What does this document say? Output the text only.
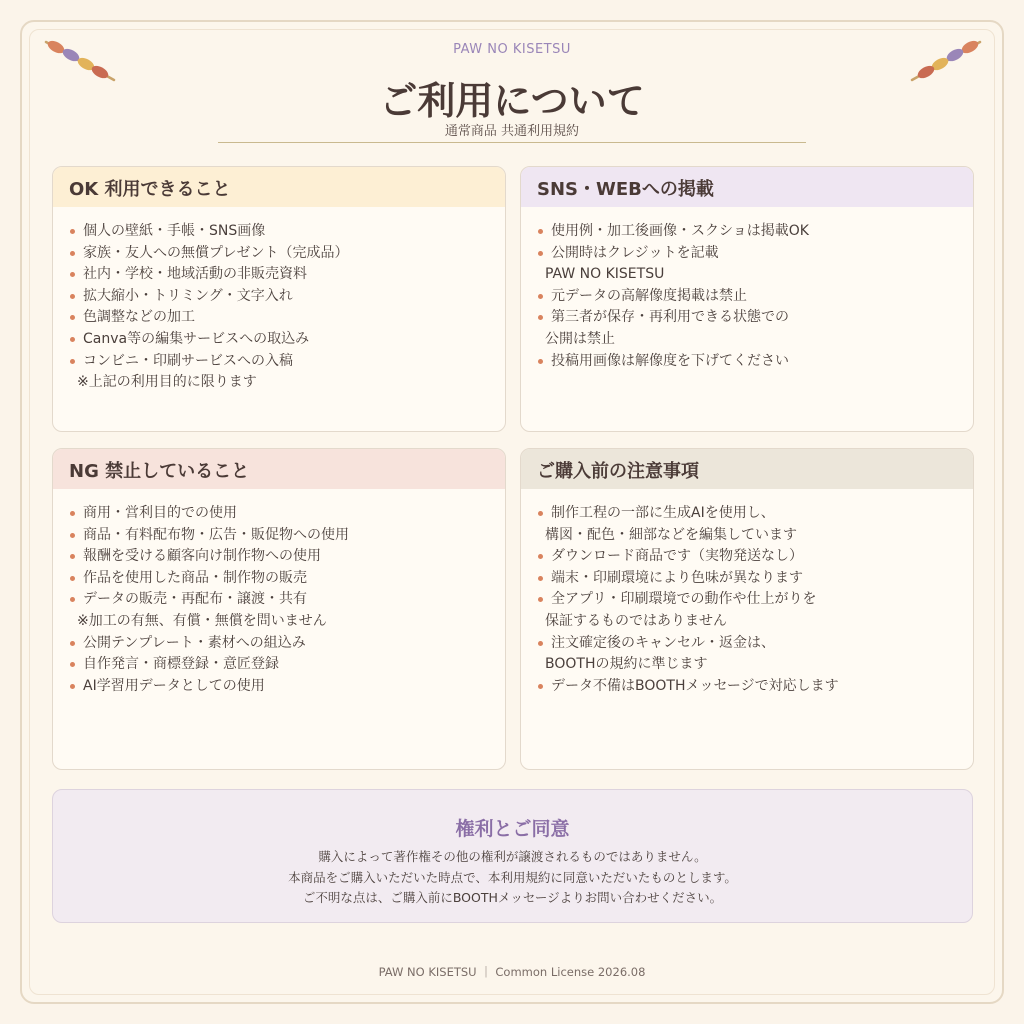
PAW NO KISETSU
ご利用について
通常商品 共通利用規約
OK 利用できること
個人の壁紙・手帳・SNS画像
家族・友人への無償プレゼント（完成品）
社内・学校・地域活動の非販売資料
拡大縮小・トリミング・文字入れ
色調整などの加工
Canva等の編集サービスへの取込み
コンビニ・印刷サービスへの入稿
※上記の利用目的に限ります
SNS・WEBへの掲載
使用例・加工後画像・スクショは掲載OK
公開時はクレジットを記載
PAW NO KISETSU
元データの高解像度掲載は禁止
第三者が保存・再利用できる状態での
公開は禁止
投稿用画像は解像度を下げてください
NG 禁止していること
商用・営利目的での使用
商品・有料配布物・広告・販促物への使用
報酬を受ける顧客向け制作物への使用
作品を使用した商品・制作物の販売
データの販売・再配布・譲渡・共有
※加工の有無、有償・無償を問いません
公開テンプレート・素材への組込み
自作発言・商標登録・意匠登録
AI学習用データとしての使用
ご購入前の注意事項
制作工程の一部に生成AIを使用し、
構図・配色・細部などを編集しています
ダウンロード商品です（実物発送なし）
端末・印刷環境により色味が異なります
全アプリ・印刷環境での動作や仕上がりを
保証するものではありません
注文確定後のキャンセル・返金は、
BOOTHの規約に準じます
データ不備はBOOTHメッセージで対応します
権利とご同意
購入によって著作権その他の権利が譲渡されるものではありません。
本商品をご購入いただいた時点で、本利用規約に同意いただいたものとします。
ご不明な点は、ご購入前にBOOTHメッセージよりお問い合わせください。
PAW NO KISETSU ｜ Common License 2026.08
